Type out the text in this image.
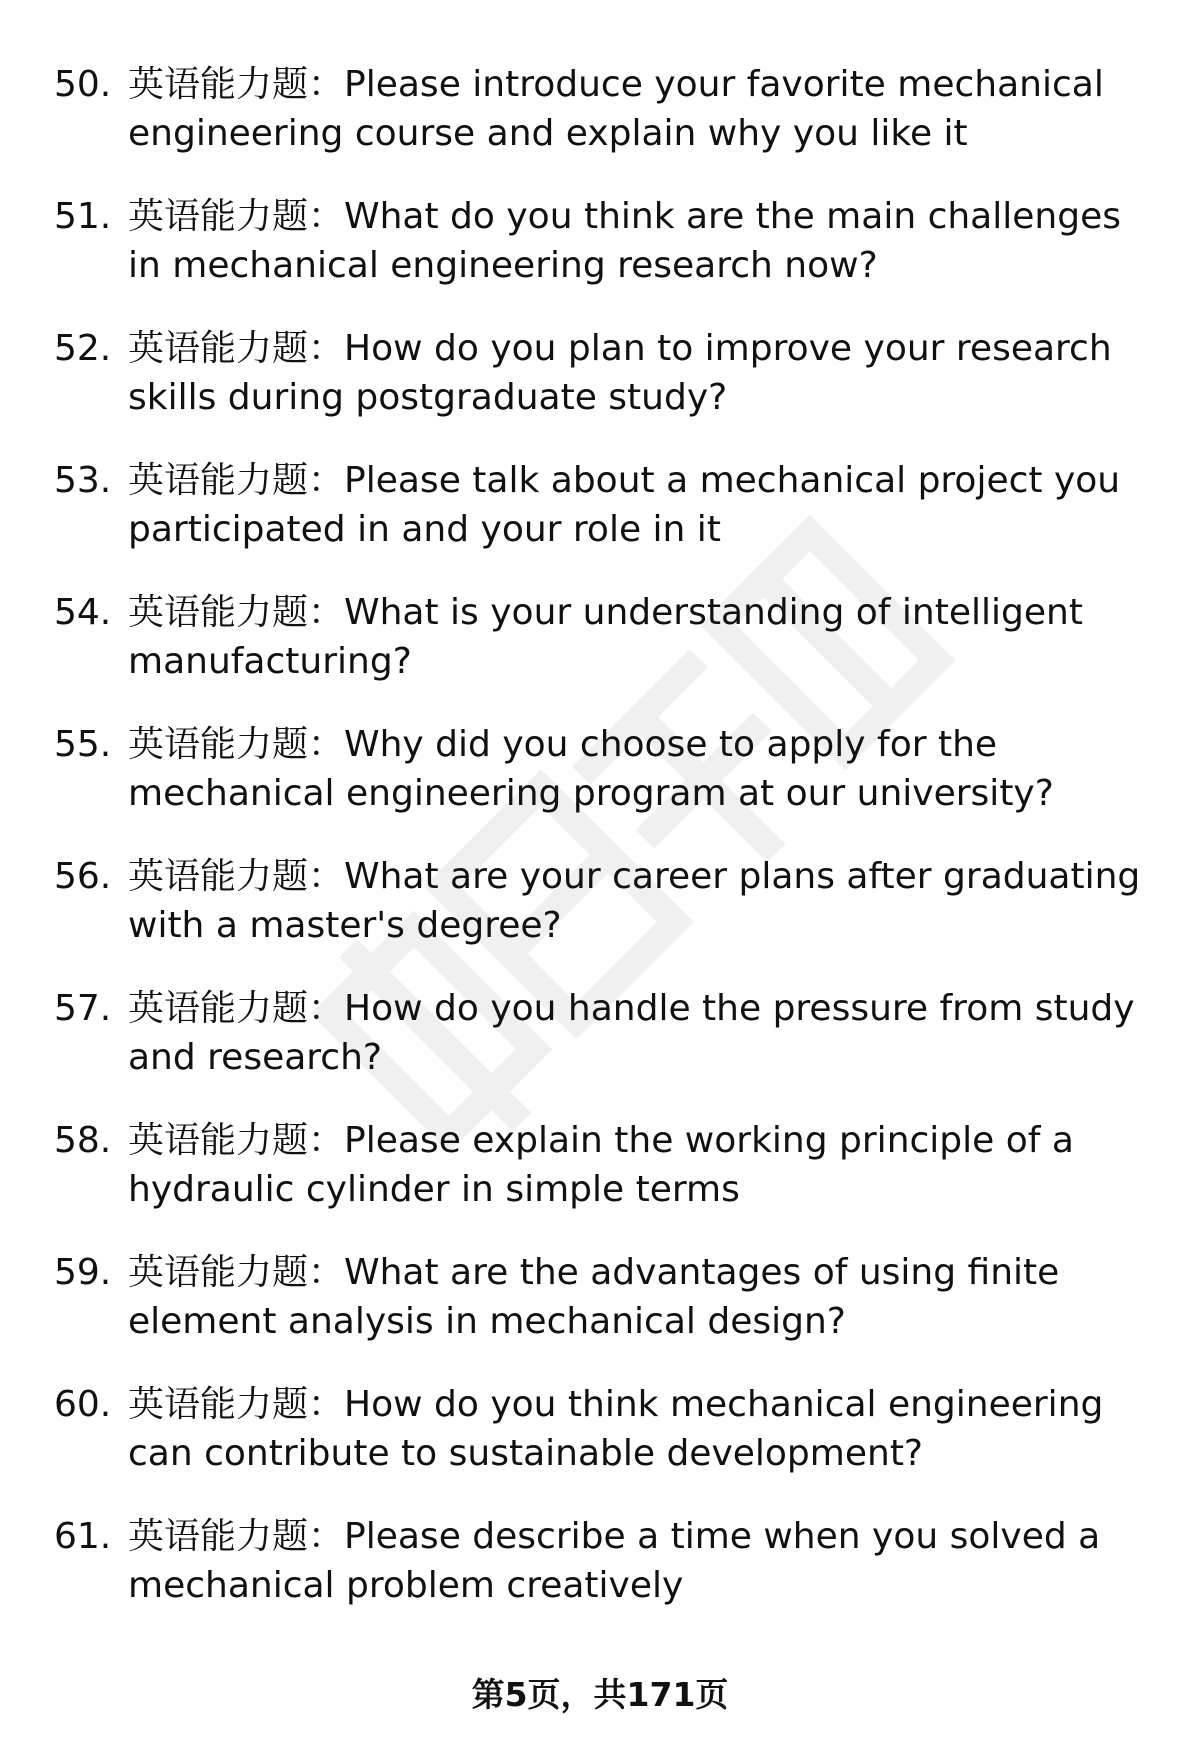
50. 英语能力题：Please introduce your favorite mechanical engineering course and explain why you like it
51. 英语能力题：What do you think are the main challenges in mechanical engineering research now?
52. 英语能力题：How do you plan to improve your research skills during postgraduate study?
53. 英语能力题：Please talk about a mechanical project you participated in and your role in it
54. 英语能力题：What is your understanding of intelligent manufacturing?
55. 英语能力题：Why did you choose to apply for the mechanical engineering program at our university?
56. 英语能力题：What are your career plans after graduating with a master's degree?
57. 英语能力题：How do you handle the pressure from study and research?
58. 英语能力题：Please explain the working principle of a hydraulic cylinder in simple terms
59. 英语能力题：What are the advantages of using finite element analysis in mechanical design?
60. 英语能力题：How do you think mechanical engineering can contribute to sustainable development?
61. 英语能力题：Please describe a time when you solved a mechanical problem creatively
第5页，共171页
